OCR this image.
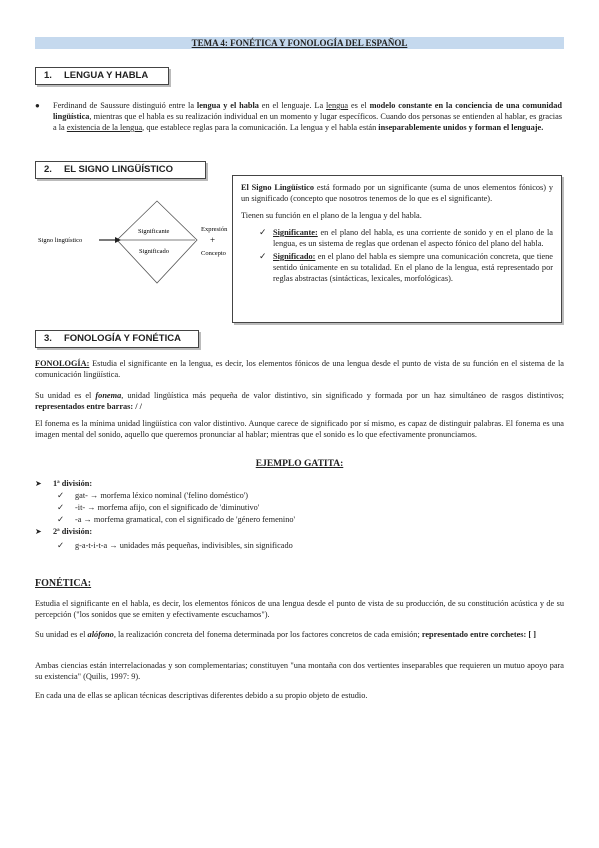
TEMA 4: FONÉTICA Y FONOLOGÍA DEL ESPAÑOL
1. LENGUA Y HABLA
●	Ferdinand de Saussure distinguió entre la lengua y el habla en el lenguaje. La lengua es el modelo constante en la conciencia de una comunidad lingüística, mientras que el habla es su realización individual en un momento y lugar específicos. Cuando dos personas se entienden al hablar, es gracias a la existencia de la lengua, que establece reglas para la comunicación. La lengua y el habla están inseparablemente unidos y forman el lenguaje.
2. EL SIGNO LINGÜÍSTICO
Signo lingüístico
Significante
Significado
Expresión
+
Concepto
El Signo Lingüístico está formado por un significante (suma de unos elementos fónicos) y un significado (concepto que nosotros tenemos de lo que es el significante).
Tienen su función en el plano de la lengua y del habla.
✓ Significante: en el plano del habla, es una corriente de sonido y en el plano de la lengua, es un sistema de reglas que ordenan el aspecto fónico del plano del habla.
✓ Significado: en el plano del habla es siempre una comunicación concreta, que tiene sentido únicamente en su totalidad. En el plano de la lengua, está representado por reglas abstractas (sintácticas, lexicales, morfológicas).
3. FONOLOGÍA Y FONÉTICA
FONOLOGÍA: Estudia el significante en la lengua, es decir, los elementos fónicos de una lengua desde el punto de vista de su función en el sistema de la comunicación lingüística.
Su unidad es el fonema, unidad lingüística más pequeña de valor distintivo, sin significado y formada por un haz simultáneo de rasgos distintivos; representados entre barras: / /
El fonema es la mínima unidad lingüística con valor distintivo. Aunque carece de significado por sí mismo, es capaz de distinguir palabras. El fonema es una imagen mental del sonido, aquello que queremos pronunciar al hablar; mientras que el sonido es lo que efectivamente pronunciamos.
EJEMPLO GATITA:
➤ 1ª división:
✓ gat- → morfema léxico nominal ('felino doméstico')
✓ -it- → morfema afijo, con el significado de 'diminutivo'
✓ -a → morfema gramatical, con el significado de 'género femenino'
➤ 2ª división:
✓ g-a-t-i-t-a → unidades más pequeñas, indivisibles, sin significado
FONÉTICA:
Estudia el significante en el habla, es decir, los elementos fónicos de una lengua desde el punto de vista de su producción, de su constitución acústica y de su percepción ("los sonidos que se emiten y efectivamente escuchamos").
Su unidad es el alófono, la realización concreta del fonema determinada por los factores concretos de cada emisión; representado entre corchetes: [ ]
Ambas ciencias están interrelacionadas y son complementarias; constituyen "una montaña con dos vertientes inseparables que requieren un mutuo apoyo para su existencia" (Quilis, 1997: 9).
En cada una de ellas se aplican técnicas descriptivas diferentes debido a su propio objeto de estudio.
